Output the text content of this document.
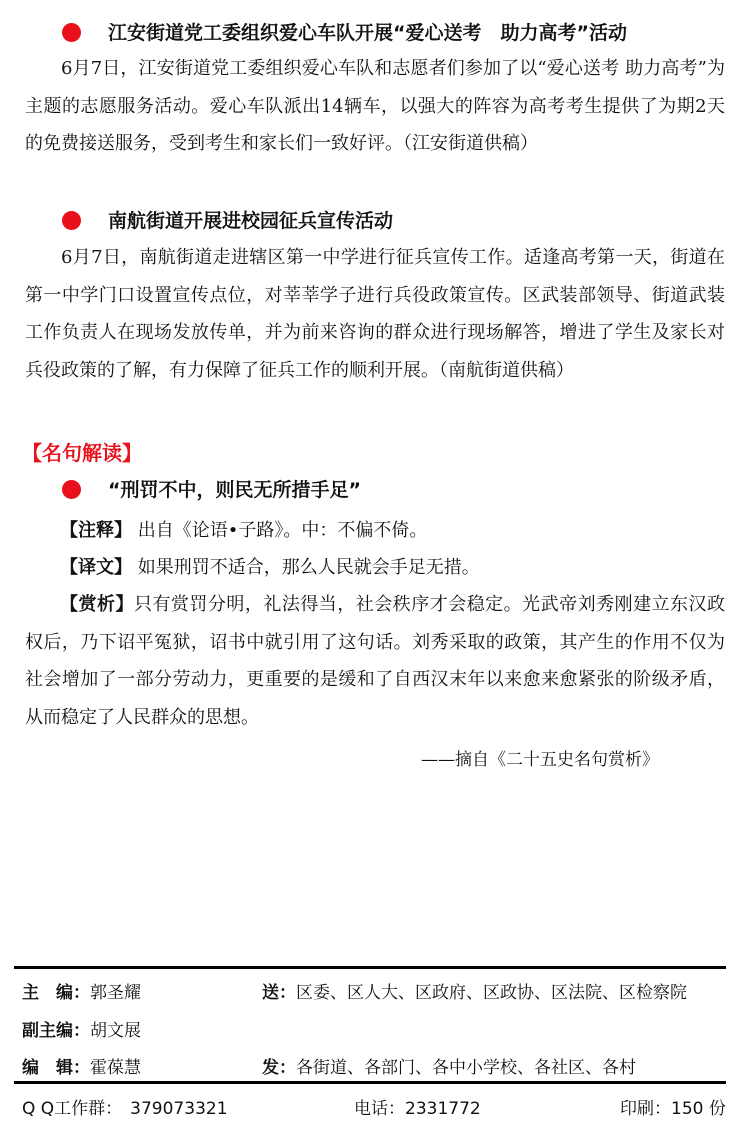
江安街道党工委组织爱心车队开展“爱心送考　助力高考”活动

6月7日，江安街道党工委组织爱心车队和志愿者们参加了以“爱心送考 助力高考”为主题的志愿服务活动。爱心车队派出14辆车，以强大的阵容为高考考生提供了为期2天的免费接送服务，受到考生和家长们一致好评。（江安街道供稿）

南航街道开展进校园征兵宣传活动

6月7日，南航街道走进辖区第一中学进行征兵宣传工作。适逢高考第一天，街道在第一中学门口设置宣传点位，对莘莘学子进行兵役政策宣传。区武装部领导、街道武装工作负责人在现场发放传单，并为前来咨询的群众进行现场解答，增进了学生及家长对兵役政策的了解，有力保障了征兵工作的顺利开展。（南航街道供稿）

【名句解读】
“刑罚不中，则民无所措手足”
【注释】 出自《论语•子路》。中：不偏不倚。
【译文】 如果刑罚不适合，那么人民就会手足无措。

【赏析】只有赏罚分明，礼法得当，社会秩序才会稳定。光武帝刘秀刚建立东汉政权后，乃下诏平冤狱，诏书中就引用了这句话。刘秀采取的政策，其产生的作用不仅为社会增加了一部分劳动力，更重要的是缓和了自西汉末年以来愈来愈紧张的阶级矛盾，从而稳定了人民群众的思想。

——摘自《二十五史名句赏析》
主　编：郭圣耀	送：区委、区人大、区政府、区政协、区法院、区检察院
副主编：胡文展
编　辑：霍葆慧	发：各街道、各部门、各中小学校、各社区、各村
Q Q工作群： 379073321	电话：2331772	印刷：150 份
